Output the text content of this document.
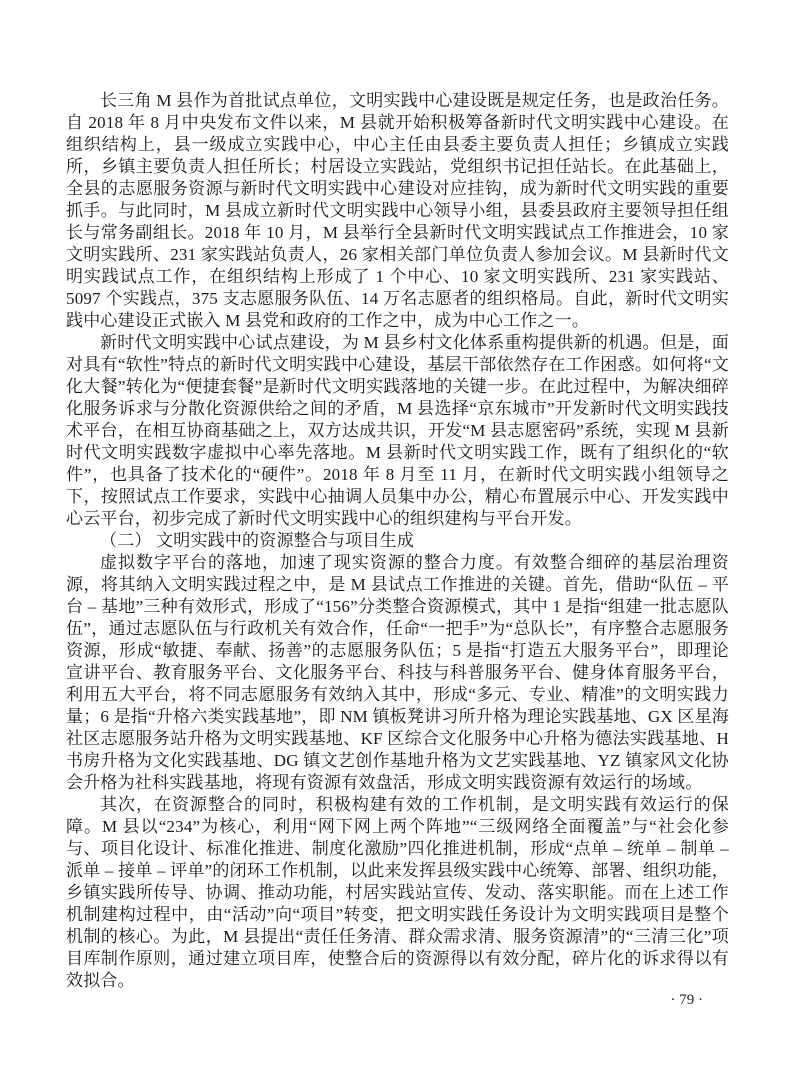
长三角 M 县作为首批试点单位，文明实践中心建设既是规定任务，也是政治任务。自 2018 年 8 月中央发布文件以来，M 县就开始积极筹备新时代文明实践中心建设。在组织结构上，县一级成立实践中心，中心主任由县委主要负责人担任；乡镇成立实践所，乡镇主要负责人担任所长；村居设立实践站，党组织书记担任站长。在此基础上，全县的志愿服务资源与新时代文明实践中心建设对应挂钩，成为新时代文明实践的重要抓手。与此同时，M 县成立新时代文明实践中心领导小组，县委县政府主要领导担任组长与常务副组长。2018 年 10 月，M 县举行全县新时代文明实践试点工作推进会，10 家文明实践所、231 家实践站负责人，26 家相关部门单位负责人参加会议。M 县新时代文明实践试点工作，在组织结构上形成了 1 个中心、10 家文明实践所、231 家实践站、5097 个实践点，375 支志愿服务队伍、14 万名志愿者的组织格局。自此，新时代文明实践中心建设正式嵌入 M 县党和政府的工作之中，成为中心工作之一。

新时代文明实践中心试点建设，为 M 县乡村文化体系重构提供新的机遇。但是，面对具有“软性”特点的新时代文明实践中心建设，基层干部依然存在工作困惑。如何将“文化大餐”转化为“便捷套餐”是新时代文明实践落地的关键一步。在此过程中，为解决细碎化服务诉求与分散化资源供给之间的矛盾，M 县选择“京东城市”开发新时代文明实践技术平台，在相互协商基础之上，双方达成共识，开发“M 县志愿密码”系统，实现 M 县新时代文明实践数字虚拟中心率先落地。M 县新时代文明实践工作，既有了组织化的“软件”，也具备了技术化的“硬件”。2018 年 8 月至 11 月，在新时代文明实践小组领导之下，按照试点工作要求，实践中心抽调人员集中办公，精心布置展示中心、开发实践中心云平台，初步完成了新时代文明实践中心的组织建构与平台开发。

（二） 文明实践中的资源整合与项目生成

虚拟数字平台的落地，加速了现实资源的整合力度。有效整合细碎的基层治理资源，将其纳入文明实践过程之中，是 M 县试点工作推进的关键。首先，借助“队伍 – 平台 – 基地”三种有效形式，形成了“156”分类整合资源模式，其中 1 是指“组建一批志愿队伍”，通过志愿队伍与行政机关有效合作，任命“一把手”为“总队长”，有序整合志愿服务资源，形成“敏捷、奉献、扬善”的志愿服务队伍；5 是指“打造五大服务平台”，即理论宣讲平台、教育服务平台、文化服务平台、科技与科普服务平台、健身体育服务平台，利用五大平台，将不同志愿服务有效纳入其中，形成“多元、专业、精准”的文明实践力量；6 是指“升格六类实践基地”，即 NM 镇板凳讲习所升格为理论实践基地、GX 区星海社区志愿服务站升格为文明实践基地、KF 区综合文化服务中心升格为德法实践基地、H 书房升格为文化实践基地、DG 镇文艺创作基地升格为文艺实践基地、YZ 镇家风文化协会升格为社科实践基地，将现有资源有效盘活，形成文明实践资源有效运行的场域。

其次，在资源整合的同时，积极构建有效的工作机制，是文明实践有效运行的保障。M 县以“234”为核心，利用“网下网上两个阵地”“三级网络全面覆盖”与“社会化参与、项目化设计、标准化推进、制度化激励”四化推进机制，形成“点单 – 统单 – 制单 – 派单 – 接单 – 评单”的闭环工作机制，以此来发挥县级实践中心统筹、部署、组织功能，乡镇实践所传导、协调、推动功能，村居实践站宣传、发动、落实职能。而在上述工作机制建构过程中，由“活动”向“项目”转变，把文明实践任务设计为文明实践项目是整个机制的核心。为此，M 县提出“责任任务清、群众需求清、服务资源清”的“三清三化”项目库制作原则，通过建立项目库，使整合后的资源得以有效分配，碎片化的诉求得以有效拟合。

· 79 ·
